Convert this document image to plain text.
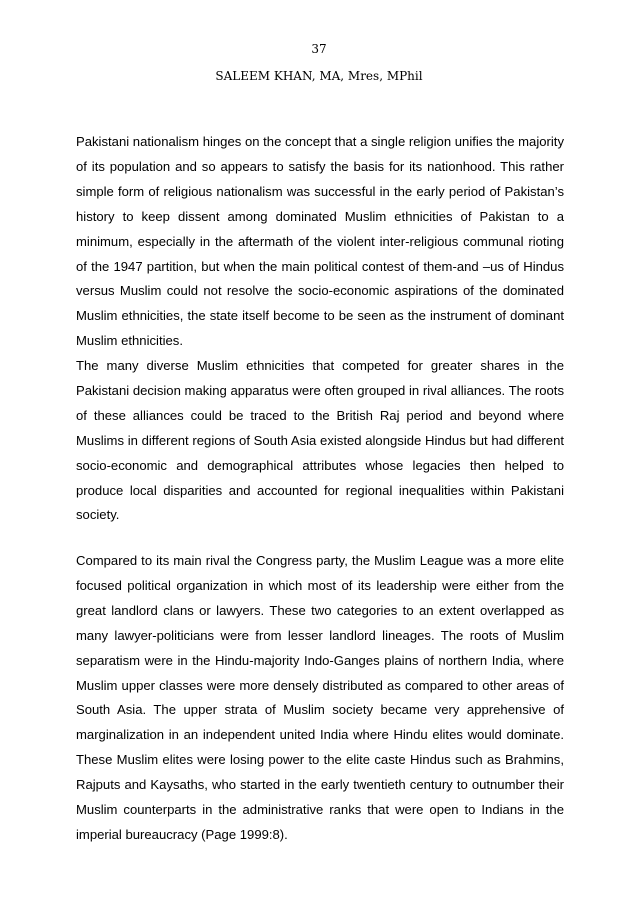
37
SALEEM KHAN, MA, Mres, MPhil

Pakistani nationalism hinges on the concept that a single religion unifies the majority of its population and so appears to satisfy the basis for its nationhood. This rather simple form of religious nationalism was successful in the early period of Pakistan’s history to keep dissent among dominated Muslim ethnicities of Pakistan to a minimum, especially in the aftermath of the violent inter-religious communal rioting of the 1947 partition, but when the main political contest of them-and –us of Hindus versus Muslim could not resolve the socio-economic aspirations of the dominated Muslim ethnicities, the state itself become to be seen as the instrument of dominant Muslim ethnicities.

The many diverse Muslim ethnicities that competed for greater shares in the Pakistani decision making apparatus were often grouped in rival alliances. The roots of these alliances could be traced to the British Raj period and beyond where Muslims in different regions of South Asia existed alongside Hindus but had different socio-economic and demographical attributes whose legacies then helped to produce local disparities and accounted for regional inequalities within Pakistani society.

Compared to its main rival the Congress party, the Muslim League was a more elite focused political organization in which most of its leadership were either from the great landlord clans or lawyers. These two categories to an extent overlapped as many lawyer-politicians were from lesser landlord lineages. The roots of Muslim separatism were in the Hindu-majority Indo-Ganges plains of northern India, where Muslim upper classes were more densely distributed as compared to other areas of South Asia. The upper strata of Muslim society became very apprehensive of marginalization in an independent united India where Hindu elites would dominate. These Muslim elites were losing power to the elite caste Hindus such as Brahmins, Rajputs and Kaysaths, who started in the early twentieth century to outnumber their Muslim counterparts in the administrative ranks that were open to Indians in the imperial bureaucracy (Page 1999:8).
